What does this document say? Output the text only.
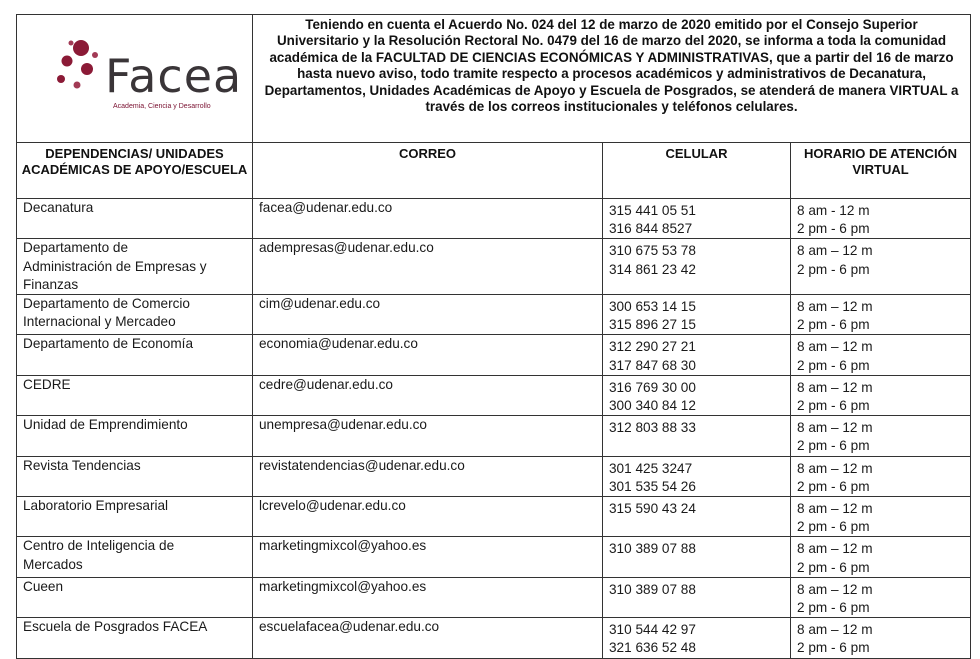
Facea
Academia, Ciencia y Desarrollo	Teniendo en cuenta el Acuerdo No. 024 del 12 de marzo de 2020 emitido por el Consejo Superior Universitario y la Resolución Rectoral No. 0479 del 16 de marzo del 2020, se informa a toda la comunidad académica de la FACULTAD DE CIENCIAS ECONÓMICAS Y ADMINISTRATIVAS, que a partir del 16 de marzo hasta nuevo aviso, todo tramite respecto a procesos académicos y administrativos de Decanatura, Departamentos, Unidades Académicas de Apoyo y Escuela de Posgrados, se atenderá de manera VIRTUAL a través de los correos institucionales y teléfonos celulares.		
DEPENDENCIAS/ UNIDADES ACADÉMICAS DE APOYO/ESCUELA	CORREO	CELULAR	HORARIO DE ATENCIÓN VIRTUAL

Decanatura	facea@udenar.edu.co	315 441 05 51
316 844 8527	8 am - 12 m
2 pm - 6 pm

Departamento de
Administración de Empresas y
Finanzas	adempresas@udenar.edu.co	310 675 53 78
314 861 23 42	8 am – 12 m
2 pm - 6 pm

Departamento de Comercio
Internacional y Mercadeo	cim@udenar.edu.co	300 653 14 15
315 896 27 15	8 am – 12 m
2 pm - 6 pm

Departamento de Economía	economia@udenar.edu.co	312 290 27 21
317 847 68 30	8 am – 12 m
2 pm - 6 pm

CEDRE	cedre@udenar.edu.co	316 769 30 00
300 340 84 12	8 am – 12 m
2 pm - 6 pm

Unidad de Emprendimiento	unempresa@udenar.edu.co	312 803 88 33	8 am – 12 m
2 pm - 6 pm

Revista Tendencias	revistatendencias@udenar.edu.co	301 425 3247
301 535 54 26	8 am – 12 m
2 pm - 6 pm

Laboratorio Empresarial	lcrevelo@udenar.edu.co	315 590 43 24	8 am – 12 m
2 pm - 6 pm

Centro de Inteligencia de
Mercados	marketingmixcol@yahoo.es	310 389 07 88	8 am – 12 m
2 pm - 6 pm

Cueen	marketingmixcol@yahoo.es	310 389 07 88	8 am – 12 m
2 pm - 6 pm

Escuela de Posgrados FACEA	escuelafacea@udenar.edu.co	310 544 42 97
321 636 52 48	8 am – 12 m
2 pm - 6 pm
